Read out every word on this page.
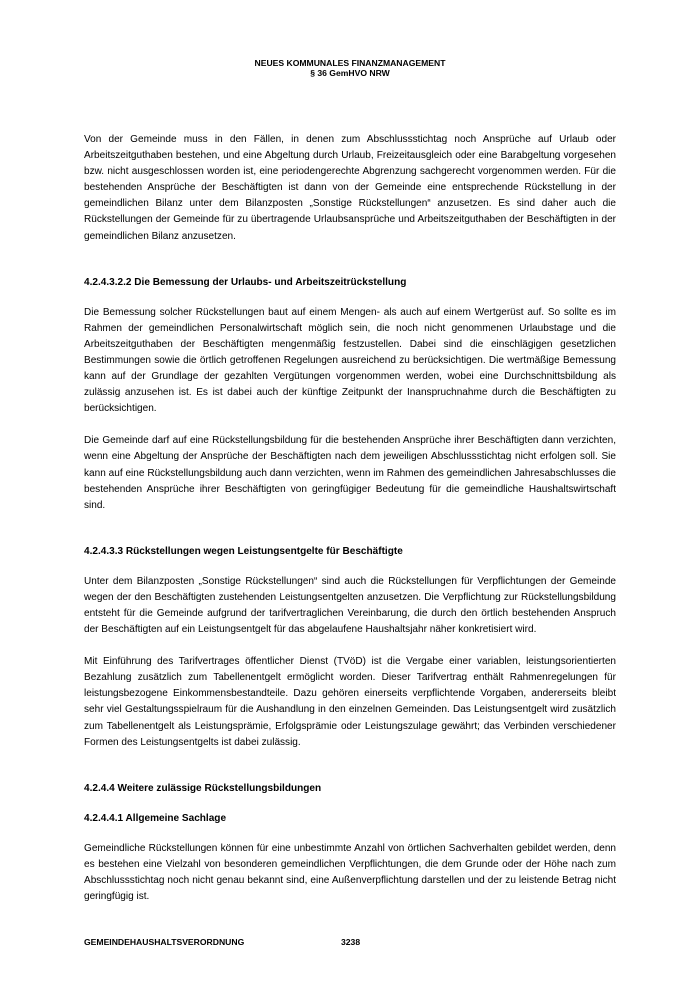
NEUES KOMMUNALES FINANZMANAGEMENT
§ 36 GemHVO NRW

Von der Gemeinde muss in den Fällen, in denen zum Abschlussstichtag noch Ansprüche auf Urlaub oder Arbeitszeitguthaben bestehen, und eine Abgeltung durch Urlaub, Freizeitausgleich oder eine Barabgeltung vorgesehen bzw. nicht ausgeschlossen worden ist, eine periodengerechte Abgrenzung sachgerecht vorgenommen werden. Für die bestehenden Ansprüche der Beschäftigten ist dann von der Gemeinde eine entsprechende Rückstellung in der gemeindlichen Bilanz unter dem Bilanzposten „Sonstige Rückstellungen“ anzusetzen. Es sind daher auch die Rückstellungen der Gemeinde für zu übertragende Urlaubsansprüche und Arbeitszeitguthaben der Beschäftigten in der gemeindlichen Bilanz anzusetzen.

4.2.4.3.2.2 Die Bemessung der Urlaubs- und Arbeitszeitrückstellung

Die Bemessung solcher Rückstellungen baut auf einem Mengen- als auch auf einem Wertgerüst auf. So sollte es im Rahmen der gemeindlichen Personalwirtschaft möglich sein, die noch nicht genommenen Urlaubstage und die Arbeitszeitguthaben der Beschäftigten mengenmäßig festzustellen. Dabei sind die einschlägigen gesetzlichen Bestimmungen sowie die örtlich getroffenen Regelungen ausreichend zu berücksichtigen. Die wertmäßige Bemessung kann auf der Grundlage der gezahlten Vergütungen vorgenommen werden, wobei eine Durchschnittsbildung als zulässig anzusehen ist. Es ist dabei auch der künftige Zeitpunkt der Inanspruchnahme durch die Beschäftigten zu berücksichtigen.

Die Gemeinde darf auf eine Rückstellungsbildung für die bestehenden Ansprüche ihrer Beschäftigten dann verzichten, wenn eine Abgeltung der Ansprüche der Beschäftigten nach dem jeweiligen Abschlussstichtag nicht erfolgen soll. Sie kann auf eine Rückstellungsbildung auch dann verzichten, wenn im Rahmen des gemeindlichen Jahresabschlusses die bestehenden Ansprüche ihrer Beschäftigten von geringfügiger Bedeutung für die gemeindliche Haushaltswirtschaft sind.

4.2.4.3.3 Rückstellungen wegen Leistungsentgelte für Beschäftigte

Unter dem Bilanzposten „Sonstige Rückstellungen“ sind auch die Rückstellungen für Verpflichtungen der Gemeinde wegen der den Beschäftigten zustehenden Leistungsentgelten anzusetzen. Die Verpflichtung zur Rückstellungsbildung entsteht für die Gemeinde aufgrund der tarifvertraglichen Vereinbarung, die durch den örtlich bestehenden Anspruch der Beschäftigten auf ein Leistungsentgelt für das abgelaufene Haushaltsjahr näher konkretisiert wird.

Mit Einführung des Tarifvertrages öffentlicher Dienst (TVöD) ist die Vergabe einer variablen, leistungsorientierten Bezahlung zusätzlich zum Tabellenentgelt ermöglicht worden. Dieser Tarifvertrag enthält Rahmenregelungen für leistungsbezogene Einkommensbestandteile. Dazu gehören einerseits verpflichtende Vorgaben, andererseits bleibt sehr viel Gestaltungsspielraum für die Aushandlung in den einzelnen Gemeinden. Das Leistungsentgelt wird zusätzlich zum Tabellenentgelt als Leistungsprämie, Erfolgsprämie oder Leistungszulage gewährt; das Verbinden verschiedener Formen des Leistungsentgelts ist dabei zulässig.

4.2.4.4 Weitere zulässige Rückstellungsbildungen

4.2.4.4.1 Allgemeine Sachlage

Gemeindliche Rückstellungen können für eine unbestimmte Anzahl von örtlichen Sachverhalten gebildet werden, denn es bestehen eine Vielzahl von besonderen gemeindlichen Verpflichtungen, die dem Grunde oder der Höhe nach zum Abschlussstichtag noch nicht genau bekannt sind, eine Außenverpflichtung darstellen und der zu leistende Betrag nicht geringfügig ist.

GEMEINDEHAUSHALTSVERORDNUNG	3238
